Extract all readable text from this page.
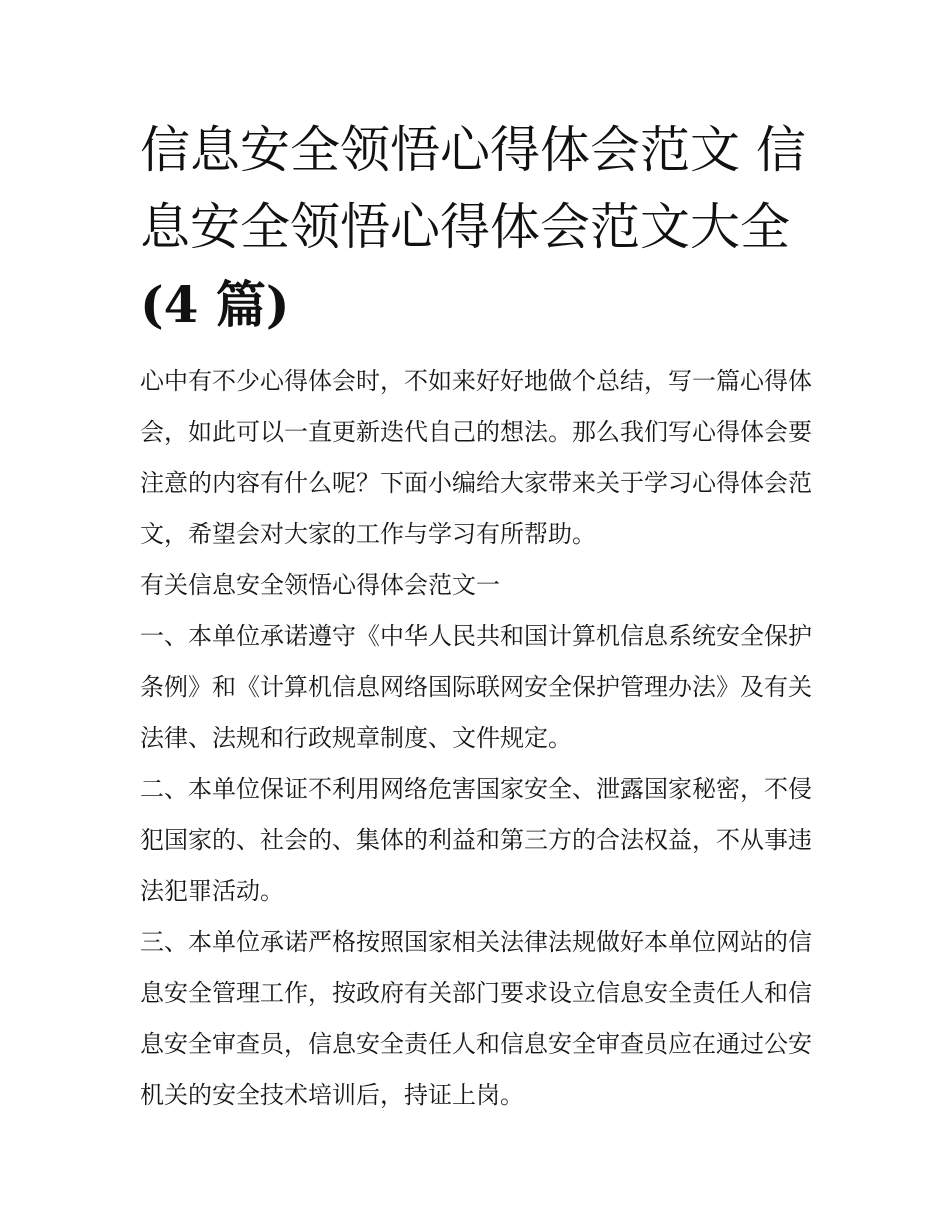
信息安全领悟心得体会范文 信息安全领悟心得体会范文大全
(4 篇)

心中有不少心得体会时，不如来好好地做个总结，写一篇心得体会，如此可以一直更新迭代自己的想法。那么我们写心得体会要注意的内容有什么呢？下面小编给大家带来关于学习心得体会范文，希望会对大家的工作与学习有所帮助。

有关信息安全领悟心得体会范文一

一、本单位承诺遵守《中华人民共和国计算机信息系统安全保护条例》和《计算机信息网络国际联网安全保护管理办法》及有关法律、法规和行政规章制度、文件规定。

二、本单位保证不利用网络危害国家安全、泄露国家秘密，不侵犯国家的、社会的、集体的利益和第三方的合法权益，不从事违法犯罪活动。

三、本单位承诺严格按照国家相关法律法规做好本单位网站的信息安全管理工作，按政府有关部门要求设立信息安全责任人和信息安全审查员，信息安全责任人和信息安全审查员应在通过公安机关的安全技术培训后，持证上岗。
